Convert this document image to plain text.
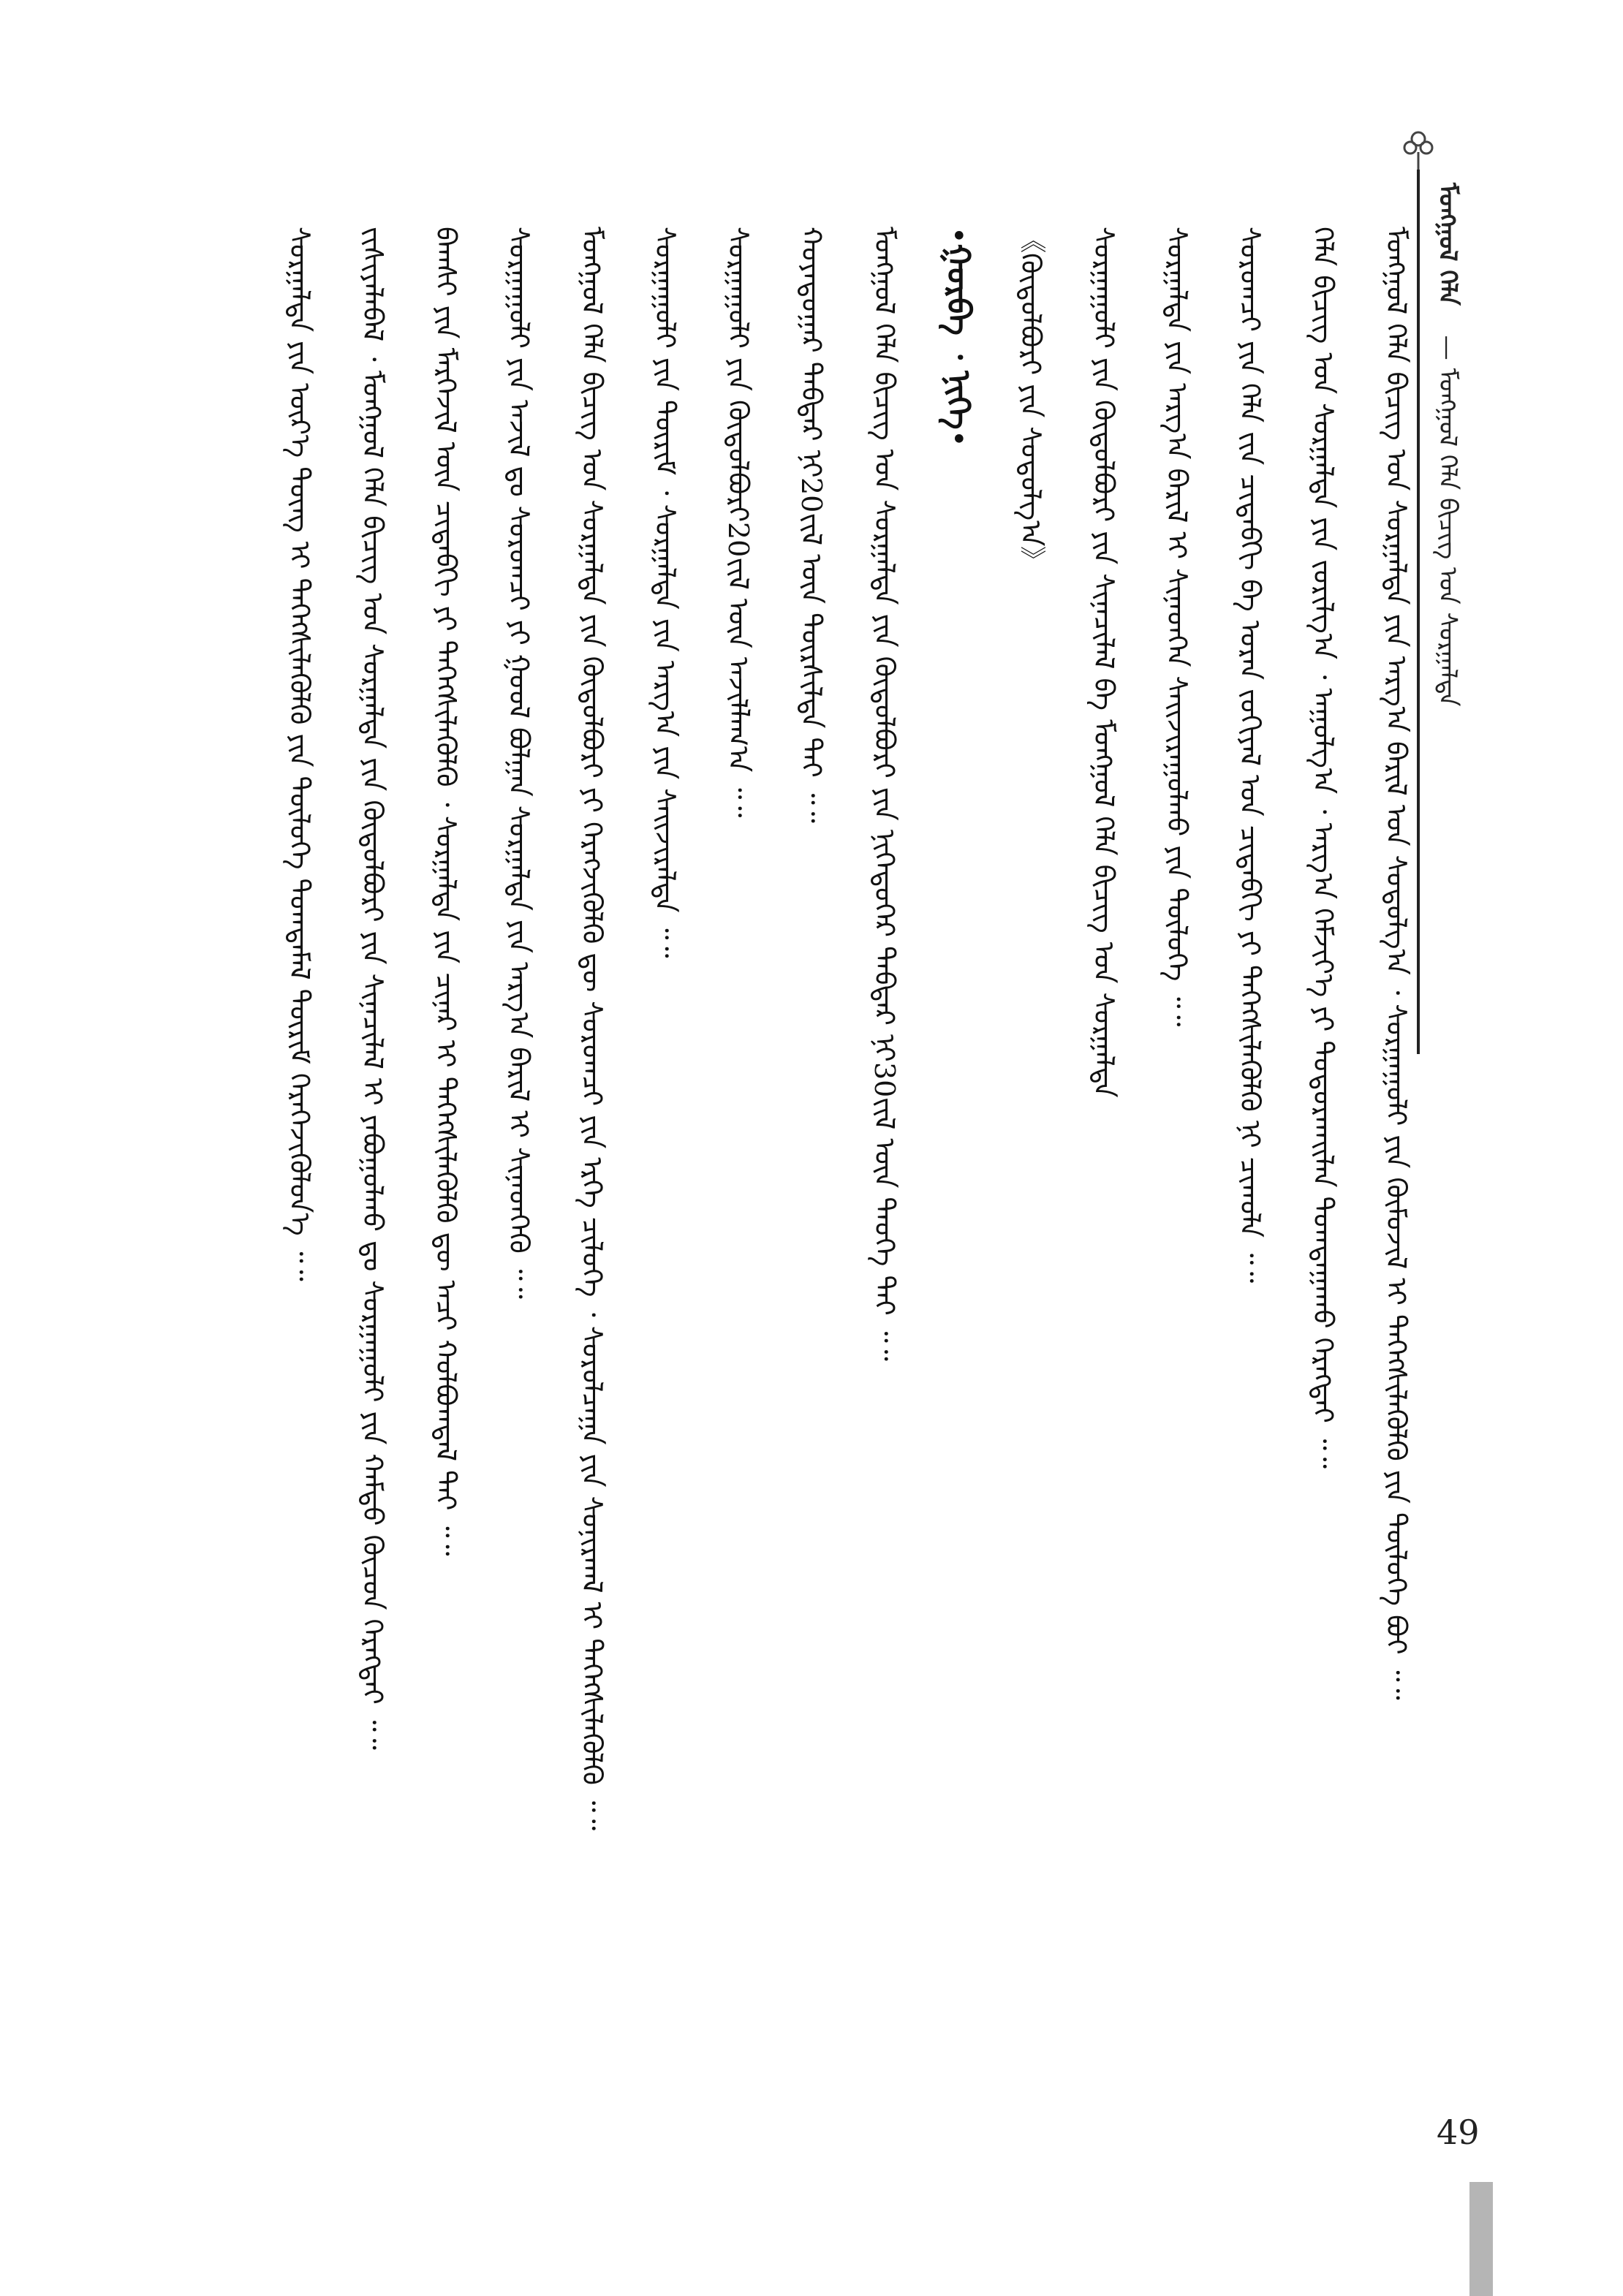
ᠮᠣᠩᠭᠣᠯ ᠬᠡᠯᠡ — ᠮᠣᠩᠭᠣᠯ ᠬᠡᠯᠡ ᠪᠢᠴᠢᠭ᠌ ᠤᠨ ᠰᠤᠷᠭᠠᠯᠲᠠ
ᠮᠣᠩᠭᠣᠯ ᠬᠡᠯᠡ ᠪᠢᠴᠢᠭ᠌ ᠤᠨ ᠰᠤᠷᠭᠠᠯᠲᠠ ᠶᠢᠨ ᠠᠷᠭ᠎ᠠ ᠪᠠᠷᠢᠯ ᠤᠨ ᠰᠤᠳᠤᠯᠭ᠎ᠠ ᠂ ᠰᠤᠷᠭᠠᠭᠤᠯᠢ ᠶᠢᠨ ᠬᠥᠮᠦᠵᠢᠯ ᠢ ᠳᠡᠭᠡᠭᠰᠢᠯᠡᠭᠦᠯᠬᠦ ᠶᠢᠨ ᠲᠥᠯᠦᠭᠡ ᠪᠤᠢ ᠃᠃
ᠬᠡᠯᠡ ᠪᠢᠴᠢᠭ᠌ ᠤᠨ ᠰᠤᠷᠭᠠᠯᠲᠠ ᠶᠢᠨ ᠵᠣᠷᠢᠯᠭ᠎ᠠ ᠂ ᠠᠭᠤᠯᠭ᠎ᠠ ᠂ ᠠᠷᠭ᠎ᠠ ᠬᠡᠮᠵᠢᠶ᠎ᠡ ᠶᠢ ᠲᠣᠳᠣᠷᠬᠠᠢᠯᠠᠨ ᠲᠣᠭᠲᠠᠭᠠᠬᠤ ᠬᠡᠷᠡᠭᠲᠡᠢ ᠃᠃
ᠰᠤᠷᠤᠭᠴᠢ ᠶᠢᠨ ᠬᠡᠯᠡ ᠵᠢᠨ ᠴᠢᠳᠠᠪᠬᠢ ᠪᠠ ᠤᠷᠠᠨ ᠵᠣᠬᠢᠶᠠᠯ ᠤᠨ ᠴᠢᠳᠠᠪᠬᠢ ᠶᠢ ᠳᠡᠭᠡᠭᠰᠢᠯᠡᠭᠦᠯᠬᠦ ᠨᠢ ᠴᠢᠬᠤᠯᠠ ᠃᠃
ᠰᠤᠷᠭᠠᠯᠲᠠ ᠶᠢᠨ ᠠᠷᠭ᠎ᠠ ᠪᠠᠷᠢᠯ ᠢ ᠰᠢᠨᠡᠳᠬᠡᠨ ᠰᠠᠢᠵᠢᠷᠠᠭᠤᠯᠬᠤ ᠶᠢᠨ ᠲᠥᠯᠦᠭᠡ ᠃᠃
ᠰᠤᠷᠭᠠᠭᠤᠯᠢ ᠶᠢᠨ ᠬᠥᠲᠦᠯᠪᠦᠷᠢ ᠶᠢᠨ ᠰᠢᠨᠡᠴᠢᠯᠡᠯ ᠪᠠ ᠮᠣᠩᠭᠣᠯ ᠬᠡᠯᠡ ᠪᠢᠴᠢᠭ᠌ ᠤᠨ ᠰᠤᠷᠭᠠᠯᠲᠠ
《ᠬᠥᠲᠦᠯᠪᠦᠷᠢ ᠶᠢᠨ ᠰᠤᠳᠤᠯᠭ᠎ᠠ》
•ᠭᠤᠷᠪᠠ ᠂ ᠨᠢᠭᠡ•
ᠮᠣᠩᠭᠣᠯ ᠬᠡᠯᠡ ᠪᠢᠴᠢᠭ᠌ ᠤᠨ ᠰᠤᠷᠭᠠᠯᠲᠠ ᠶᠢᠨ ᠬᠥᠲᠦᠯᠪᠦᠷᠢ ᠶᠢᠨ ᠨᠢᠭᠡᠳᠦᠭᠡᠷ ᠳᠡᠪᠲᠡᠷ ᠨᠢ30ᠵᠢᠯ ᠦᠨ ᠲᠡᠦᠬᠡ ᠲᠠᠢ ᠃᠃
ᠬᠣᠶᠠᠳᠤᠭᠠᠷ ᠳᠡᠪᠲᠡᠷ ᠨᠢ20ᠵᠢᠯ ᠦᠨ ᠲᠦᠷᠰᠢᠯᠲᠡ ᠲᠠᠢ ᠃᠃
ᠰᠤᠷᠭᠠᠭᠤᠯᠢ ᠶᠢᠨ ᠬᠥᠲᠦᠯᠪᠦᠷᠢ20ᠵᠢᠯ ᠦᠨ ᠠᠵᠢᠯᠯᠠᠭ᠎ᠠ ᠃᠃
ᠰᠤᠷᠭᠠᠭᠤᠯᠢ ᠶᠢᠨ ᠳᠦᠷᠢᠮ ᠂ ᠰᠤᠷᠭᠠᠯᠲᠠ ᠶᠢᠨ ᠠᠷᠭ᠎ᠠ ᠶᠢᠨ ᠰᠠᠢᠵᠢᠷᠠᠯᠲᠠ ᠃᠃
ᠮᠣᠩᠭᠣᠯ ᠬᠡᠯᠡ ᠪᠢᠴᠢᠭ᠌ ᠤᠨ ᠰᠤᠷᠭᠠᠯᠲᠠ ᠶᠢᠨ ᠬᠥᠲᠦᠯᠪᠦᠷᠢ ᠶᠢ ᠬᠡᠷᠡᠭᠵᠢᠭᠦᠯᠬᠦ ᠳᠦ ᠰᠤᠷᠤᠭᠴᠢ ᠶᠢᠨ ᠡᠷᠬᠡ ᠴᠢᠯᠦᠭᠡ ᠂ ᠰᠤᠷᠤᠯᠴᠠᠭᠠ ᠶᠢᠨ ᠰᠣᠨᠢᠷᠬᠠᠯ ᠢ ᠳᠡᠭᠡᠭᠰᠢᠯᠡᠭᠦᠯᠬᠦ ᠃᠃
ᠰᠤᠷᠭᠠᠭᠤᠯᠢ ᠶᠢᠨ ᠠᠵᠢᠯ ᠳᠤ ᠰᠤᠷᠤᠭᠴᠢ ᠶᠢ ᠭᠣᠣᠯ ᠪᠣᠯᠭᠠᠨ ᠰᠤᠷᠭᠠᠯᠲᠠ ᠶᠢᠨ ᠠᠷᠭ᠎ᠠ ᠪᠠᠷᠢᠯ ᠢ ᠰᠢᠨᠡᠳᠬᠡᠬᠦ ᠃᠃
ᠪᠠᠭᠰᠢ ᠶᠢᠨ ᠮᠡᠷᠭᠡᠵᠢᠯ ᠦᠨ ᠴᠢᠳᠠᠪᠬᠢ ᠶᠢ ᠳᠡᠭᠡᠭᠰᠢᠯᠡᠭᠦᠯᠬᠦ ᠂ ᠰᠤᠷᠭᠠᠯᠲᠠ ᠶᠢᠨ ᠴᠢᠨᠠᠷ ᠢ ᠳᠡᠭᠡᠭᠰᠢᠯᠡᠭᠦᠯᠬᠦ ᠳᠦ ᠠᠴᠢ ᠬᠣᠯᠪᠣᠭᠳᠠᠯ ᠲᠠᠢ ᠃᠃
ᠵᠢᠰᠢᠶᠡᠯᠡᠪᠡᠯ ᠂ ᠮᠣᠩᠭᠣᠯ ᠬᠡᠯᠡ ᠪᠢᠴᠢᠭ᠌ ᠤᠨ ᠰᠤᠷᠭᠠᠯᠲᠠ ᠶᠢᠨ ᠬᠥᠲᠦᠯᠪᠦᠷᠢ ᠶᠢᠨ ᠰᠢᠨᠡᠴᠢᠯᠡᠯ ᠢ ᠶᠠᠪᠤᠭᠤᠯᠬᠤ ᠳᠤ ᠰᠤᠷᠭᠠᠭᠤᠯᠢ ᠶᠢᠨ ᠬᠠᠮᠲᠤ ᠬᠦᠴᠦᠨ ᠬᠡᠷᠡᠭᠲᠡᠢ ᠃᠃
ᠰᠤᠷᠭᠠᠯᠲᠠ ᠶᠢᠨ ᠦᠷ᠎ᠡ ᠳᠦᠩ ᠢ ᠳᠡᠭᠡᠭᠰᠢᠯᠡᠭᠦᠯᠬᠦ ᠶᠢᠨ ᠲᠥᠯᠦᠭᠡ ᠲᠣᠭᠲᠠᠮᠠᠯ ᠳᠦᠷᠢᠮ ᠬᠡᠷᠡᠭᠡᠵᠢᠭᠦᠯᠦᠨ᠎ᠡ ᠃᠃
49
